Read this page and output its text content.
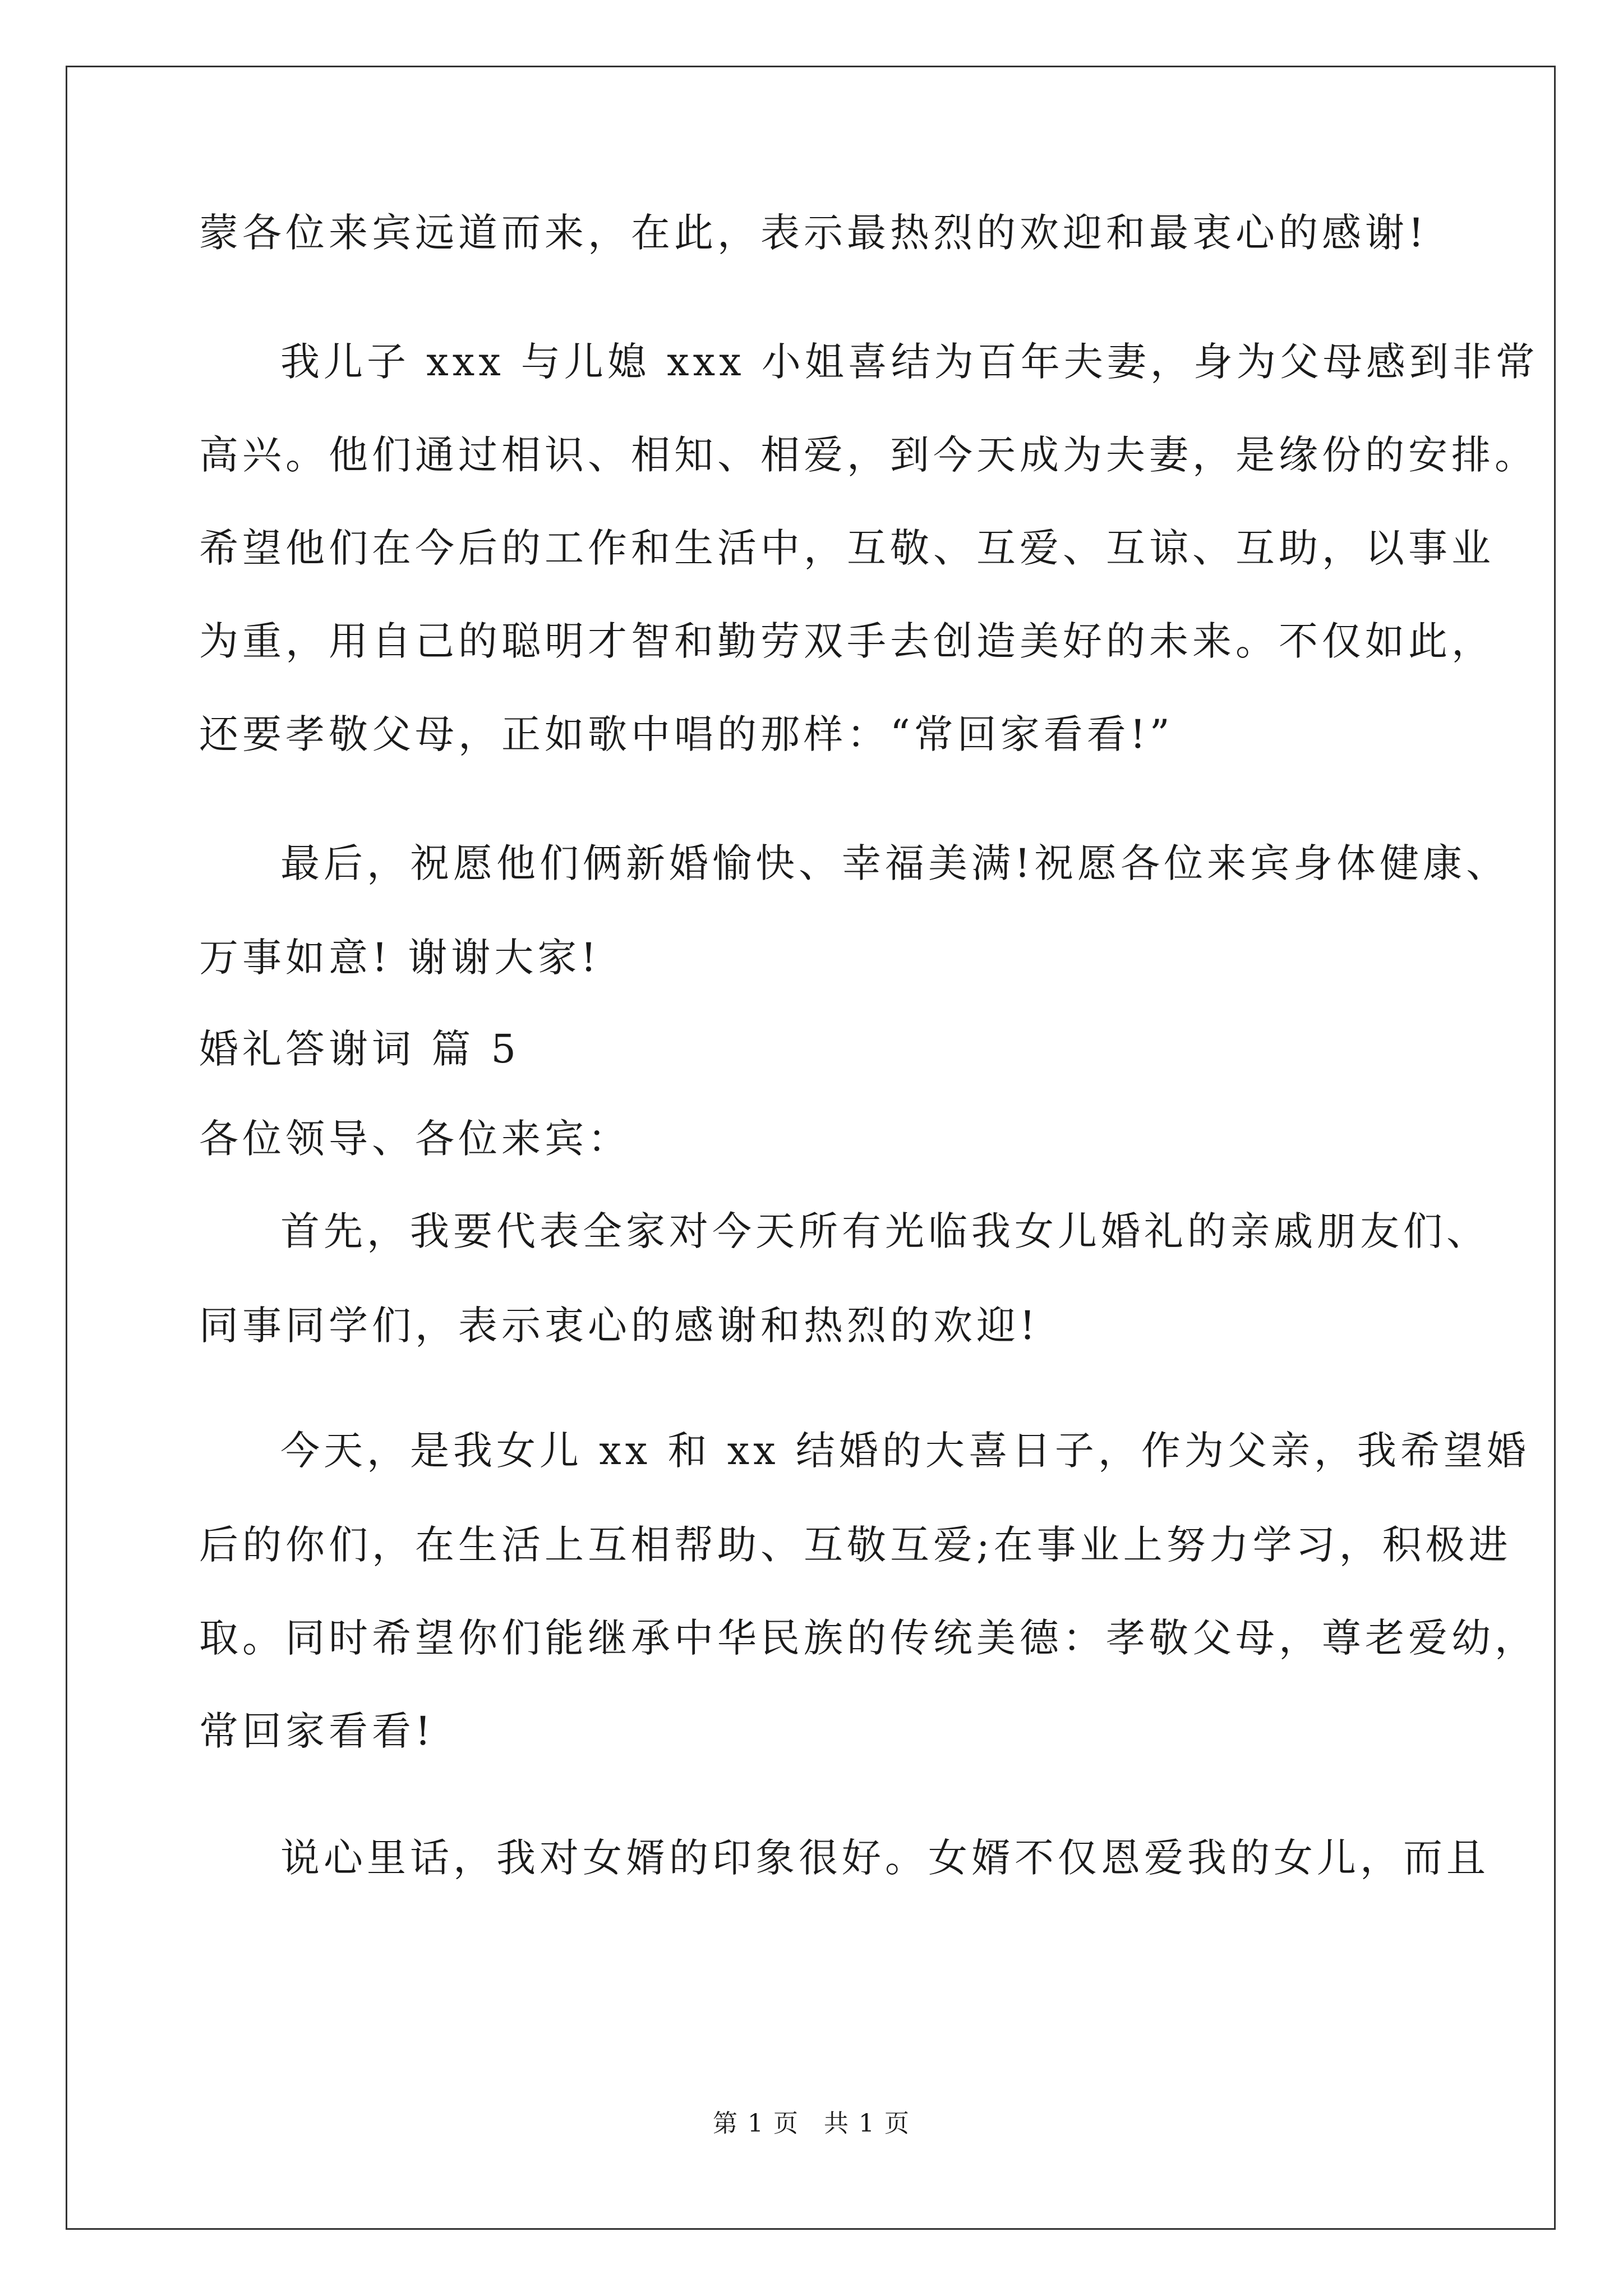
蒙各位来宾远道而来，在此，表示最热烈的欢迎和最衷心的感谢!
我儿子 xxx 与儿媳 xxx 小姐喜结为百年夫妻，身为父母感到非常
高兴。他们通过相识、相知、相爱，到今天成为夫妻，是缘份的安排。
希望他们在今后的工作和生活中，互敬、互爱、互谅、互助，以事业
为重，用自己的聪明才智和勤劳双手去创造美好的未来。不仅如此，
还要孝敬父母，正如歌中唱的那样：“常回家看看!”
最后，祝愿他们俩新婚愉快、幸福美满!祝愿各位来宾身体健康、
万事如意! 谢谢大家!
婚礼答谢词 篇 5
各位领导、各位来宾：
首先，我要代表全家对今天所有光临我女儿婚礼的亲戚朋友们、
同事同学们，表示衷心的感谢和热烈的欢迎!
今天，是我女儿 xx 和 xx 结婚的大喜日子，作为父亲，我希望婚
后的你们，在生活上互相帮助、互敬互爱;在事业上努力学习，积极进
取。同时希望你们能继承中华民族的传统美德：孝敬父母，尊老爱幼，
常回家看看!
说心里话，我对女婿的印象很好。女婿不仅恩爱我的女儿，而且
第 1 页 共 1 页
